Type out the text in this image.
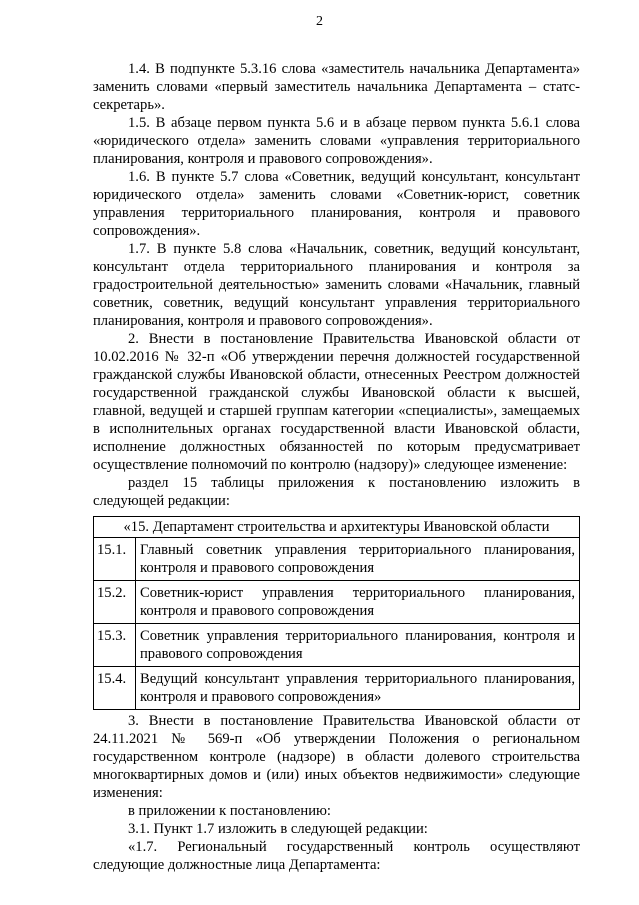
2

1.4. В подпункте 5.3.16 слова «заместитель начальника Департамента» заменить словами «первый заместитель начальника Департамента – статс-секретарь».

1.5. В абзаце первом пункта 5.6 и в абзаце первом пункта 5.6.1 слова «юридического отдела» заменить словами «управления территориального планирования, контроля и правового сопровождения».

1.6. В пункте 5.7 слова «Советник, ведущий консультант, консультант юридического отдела» заменить словами «Советник-юрист, советник управления территориального планирования, контроля и правового сопровождения».

1.7. В пункте 5.8 слова «Начальник, советник, ведущий консультант, консультант отдела территориального планирования и контроля за градостроительной деятельностью» заменить словами «Начальник, главный советник, советник, ведущий консультант управления территориального планирования, контроля и правового сопровождения».

2. Внести в постановление Правительства Ивановской области от 10.02.2016 № 32-п «Об утверждении перечня должностей государственной гражданской службы Ивановской области, отнесенных Реестром должностей государственной гражданской службы Ивановской области к высшей, главной, ведущей и старшей группам категории «специалисты», замещаемых в исполнительных органах государственной власти Ивановской области, исполнение должностных обязанностей по которым предусматривает осуществление полномочий по контролю (надзору)» следующее изменение:

раздел 15 таблицы приложения к постановлению изложить в следующей редакции:

«15. Департамент строительства и архитектуры Ивановской области	
15.1.	Главный советник управления территориального планирования, контроля и правового сопровождения
15.2.	Советник-юрист управления территориального планирования, контроля и правового сопровождения
15.3.	Советник управления территориального планирования, контроля и правового сопровождения
15.4.	Ведущий консультант управления территориального планирования, контроля и правового сопровождения»

3. Внести в постановление Правительства Ивановской области от 24.11.2021 № 569-п «Об утверждении Положения о региональном государственном контроле (надзоре) в области долевого строительства многоквартирных домов и (или) иных объектов недвижимости» следующие изменения:

в приложении к постановлению:

3.1. Пункт 1.7 изложить в следующей редакции:

«1.7. Региональный государственный контроль осуществляют следующие должностные лица Департамента:
